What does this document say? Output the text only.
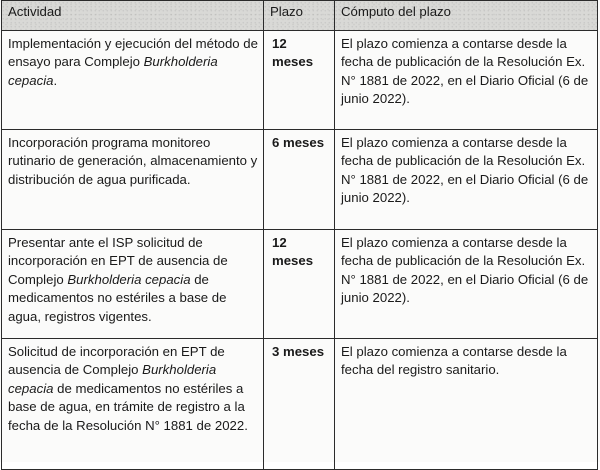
Actividad	Plazo	Cómputo del plazo
Implementación y ejecución del método de ensayo para Complejo Burkholderia cepacia.	12 meses	El plazo comienza a contarse desde la fecha de publicación de la Resolución Ex. N° 1881 de 2022, en el Diario Oficial (6 de junio 2022).
Incorporación programa monitoreo rutinario de generación, almacenamiento y distribución de agua purificada.	6 meses	El plazo comienza a contarse desde la fecha de publicación de la Resolución Ex. N° 1881 de 2022, en el Diario Oficial (6 de junio 2022).
Presentar ante el ISP solicitud de incorporación en EPT de ausencia de Complejo Burkholderia cepacia de medicamentos no estériles a base de agua, registros vigentes.	12 meses	El plazo comienza a contarse desde la fecha de publicación de la Resolución Ex. N° 1881 de 2022, en el Diario Oficial (6 de junio 2022).
Solicitud de incorporación en EPT de ausencia de Complejo Burkholderia cepacia de medicamentos no estériles a base de agua, en trámite de registro a la fecha de la Resolución N° 1881 de 2022.	3 meses	El plazo comienza a contarse desde la fecha del registro sanitario.
